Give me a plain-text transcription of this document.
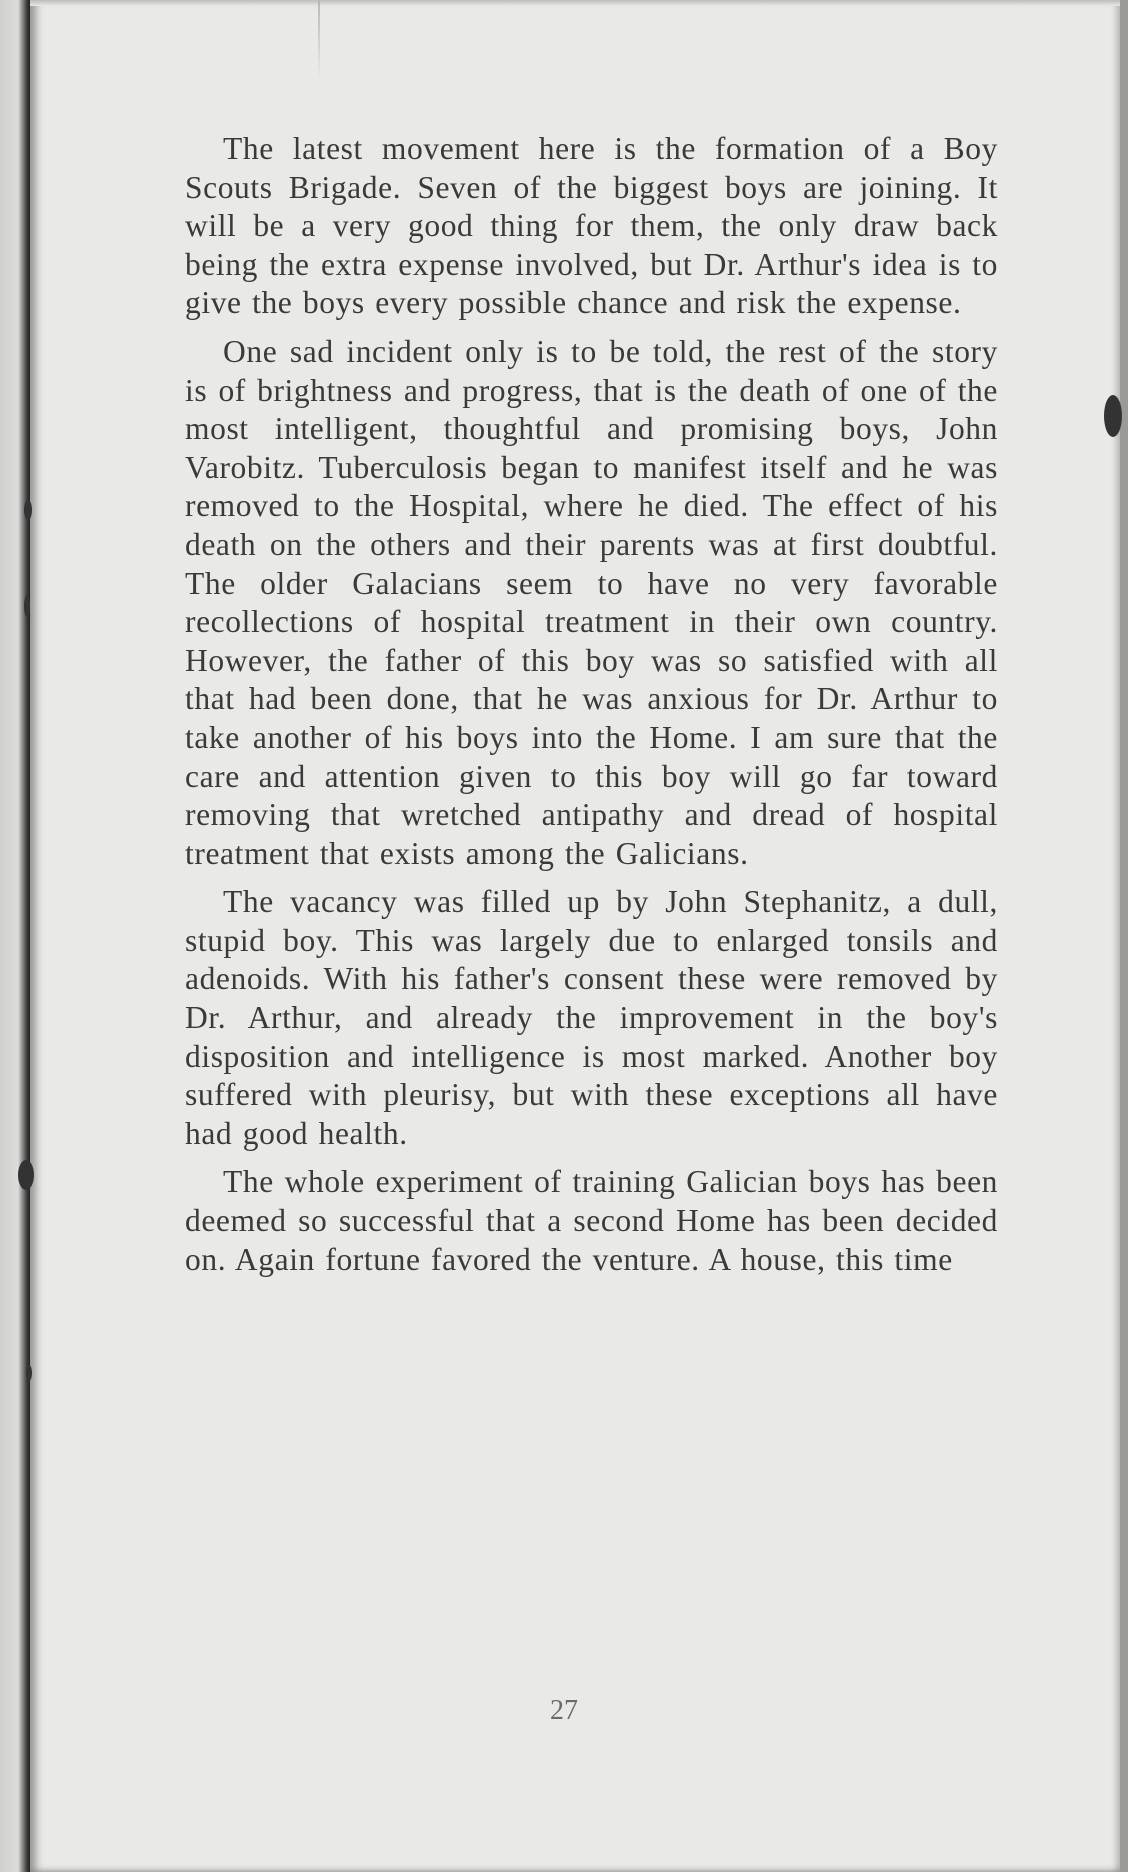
The latest movement here is the formation of a Boy Scouts Brigade. Seven of the biggest boys are joining. It will be a very good thing for them, the only draw back being the extra expense involved, but Dr. Arthur's idea is to give the boys every possible chance and risk the expense.

One sad incident only is to be told, the rest of the story is of brightness and progress, that is the death of one of the most intelligent, thoughtful and promising boys, John Varobitz. Tuberculosis began to manifest itself and he was removed to the Hospital, where he died. The effect of his death on the others and their parents was at first doubtful. The older Galacians seem to have no very favorable recollections of hospital treatment in their own country. However, the father of this boy was so satisfied with all that had been done, that he was anxious for Dr. Arthur to take another of his boys into the Home. I am sure that the care and attention given to this boy will go far toward removing that wretched antipathy and dread of hospital treatment that exists among the Galicians.

The vacancy was filled up by John Stephanitz, a dull, stupid boy. This was largely due to enlarged tonsils and adenoids. With his father's consent these were removed by Dr. Arthur, and already the improvement in the boy's disposition and intelligence is most marked. Another boy suffered with pleurisy, but with these exceptions all have had good health.

The whole experiment of training Galician boys has been deemed so successful that a second Home has been decided on. Again fortune favored the venture. A house, this time

27
